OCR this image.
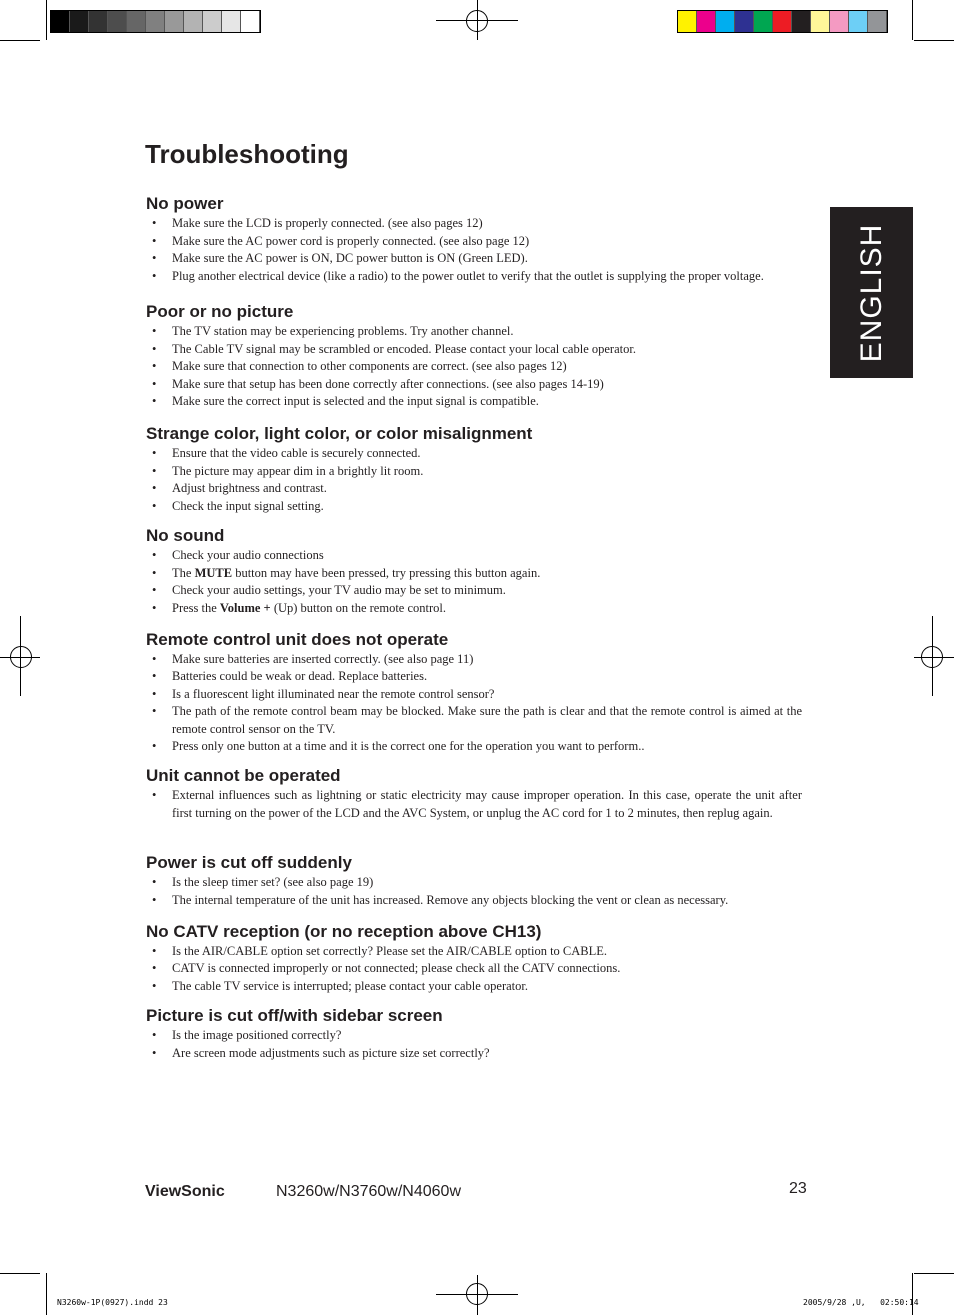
ENGLISH
Troubleshooting
No power
• Make sure the LCD is properly connected. (see also pages 12)
• Make sure the AC power cord is properly connected. (see also page 12)
• Make sure the AC power is ON, DC power button is ON (Green LED).
• Plug another electrical device (like a radio) to the power outlet to verify that the outlet is supplying the proper voltage.
Poor or no picture
• The TV station may be experiencing problems. Try another channel.
• The Cable TV signal may be scrambled or encoded. Please contact your local cable operator.
• Make sure that connection to other components are correct. (see also pages 12)
• Make sure that setup has been done correctly after connections. (see also pages 14-19)
• Make sure the correct input is selected and the input signal is compatible.
Strange color, light color, or color misalignment
• Ensure that the video cable is securely connected.
• The picture may appear dim in a brightly lit room.
• Adjust brightness and contrast.
• Check the input signal setting.
No sound
• Check your audio connections
• The MUTE button may have been pressed, try pressing this button again.
• Check your audio settings, your TV audio may be set to minimum.
• Press the Volume + (Up) button on the remote control.
Remote control unit does not operate
• Make sure batteries are inserted correctly. (see also page 11)
• Batteries could be weak or dead. Replace batteries.
• Is a fluorescent light illuminated near the remote control sensor?
• The path of the remote control beam may be blocked. Make sure the path is clear and that the remote control is aimed at the remote control sensor on the TV.
• Press only one button at a time and it is the correct one for the operation you want to perform..
Unit cannot be operated
• External influences such as lightning or static electricity may cause improper operation. In this case, operate the unit after first turning on the power of the LCD and the AVC System, or unplug the AC cord for 1 to 2 minutes, then replug again.
Power is cut off suddenly
• Is the sleep timer set? (see also page 19)
• The internal temperature of the unit has increased. Remove any objects blocking the vent or clean as necessary.
No CATV reception (or no reception above CH13)
• Is the AIR/CABLE option set correctly? Please set the AIR/CABLE option to CABLE.
• CATV is connected improperly or not connected; please check all the CATV connections.
• The cable TV service is interrupted; please contact your cable operator.
Picture is cut off/with sidebar screen
• Is the image positioned correctly?
• Are screen mode adjustments such as picture size set correctly?
ViewSonic	N3260w/N3760w/N4060w	23
N3260w-1P(0927).indd 23	2005/9/28 ,U,   02:50:14
